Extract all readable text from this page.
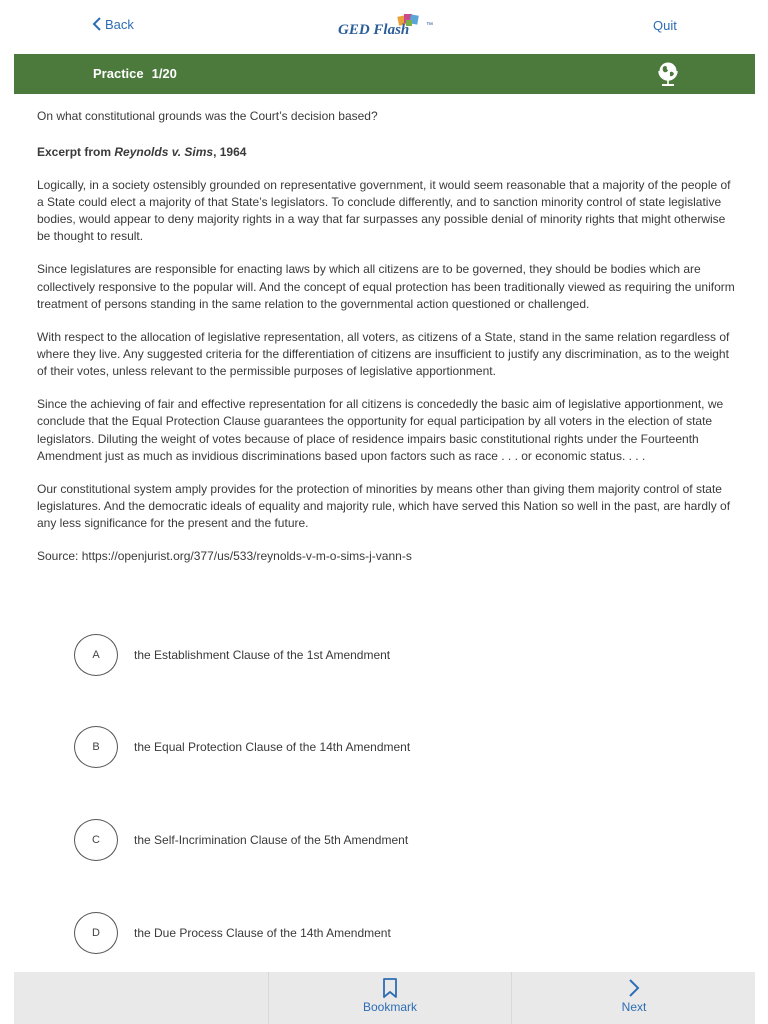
Back	GED Flash ™	Quit
Practice 1/20

On what constitutional grounds was the Court’s decision based?

Excerpt from Reynolds v. Sims, 1964

Logically, in a society ostensibly grounded on representative government, it would seem reasonable that a majority of the people of a State could elect a majority of that State’s legislators. To conclude differently, and to sanction minority control of state legislative bodies, would appear to deny majority rights in a way that far surpasses any possible denial of minority rights that might otherwise be thought to result.

Since legislatures are responsible for enacting laws by which all citizens are to be governed, they should be bodies which are collectively responsive to the popular will. And the concept of equal protection has been traditionally viewed as requiring the uniform treatment of persons standing in the same relation to the governmental action questioned or challenged.

With respect to the allocation of legislative representation, all voters, as citizens of a State, stand in the same relation regardless of where they live. Any suggested criteria for the differentiation of citizens are insufficient to justify any discrimination, as to the weight of their votes, unless relevant to the permissible purposes of legislative apportionment.

Since the achieving of fair and effective representation for all citizens is concededly the basic aim of legislative apportionment, we conclude that the Equal Protection Clause guarantees the opportunity for equal participation by all voters in the election of state legislators. Diluting the weight of votes because of place of residence impairs basic constitutional rights under the Fourteenth Amendment just as much as invidious discriminations based upon factors such as race . . . or economic status. . . .

Our constitutional system amply provides for the protection of minorities by means other than giving them majority control of state legislatures. And the democratic ideals of equality and majority rule, which have served this Nation so well in the past, are hardly of any less significance for the present and the future.

Source: https://openjurist.org/377/us/533/reynolds-v-m-o-sims-j-vann-s

A	the Establishment Clause of the 1st Amendment
B	the Equal Protection Clause of the 14th Amendment
C	the Self-Incrimination Clause of the 5th Amendment
D	the Due Process Clause of the 14th Amendment
Bookmark	Next
